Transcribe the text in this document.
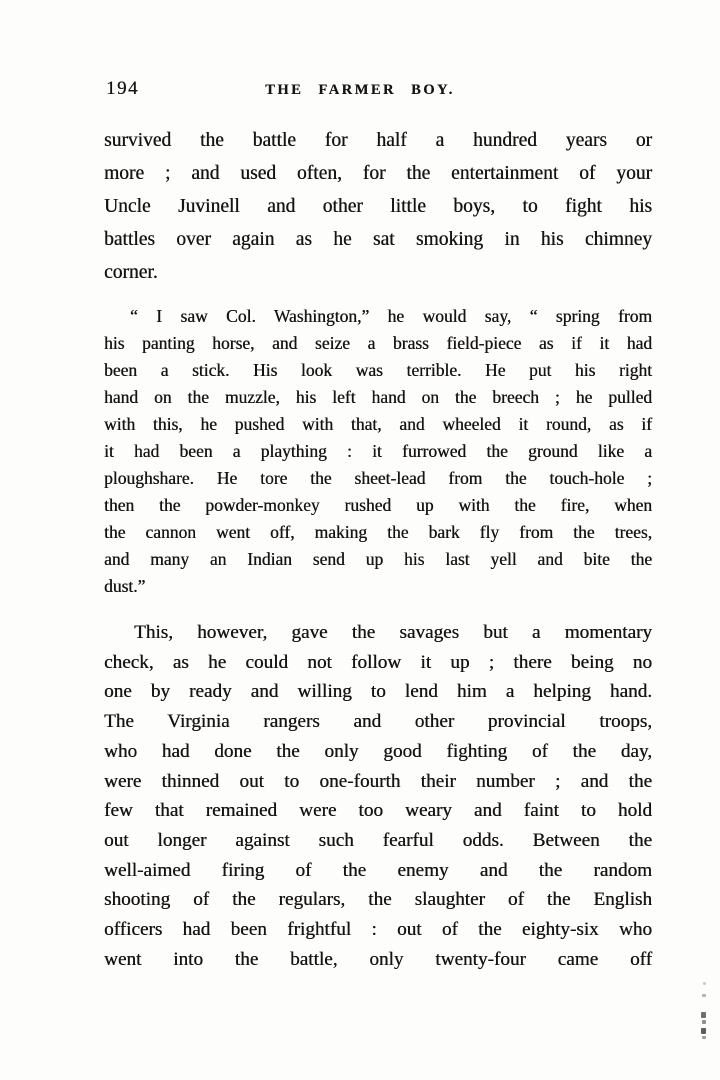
194	THE FARMER BOY.
survived the battle for half a hundred years or
more ; and used often, for the entertainment of your
Uncle Juvinell and other little boys, to fight his
battles over again as he sat smoking in his chimney
corner.
“ I saw Col. Washington,” he would say, “ spring from
his panting horse, and seize a brass field-piece as if it had
been a stick. His look was terrible. He put his right
hand on the muzzle, his left hand on the breech ; he pulled
with this, he pushed with that, and wheeled it round, as if
it had been a plaything : it furrowed the ground like a
ploughshare. He tore the sheet-lead from the touch-hole ;
then the powder-monkey rushed up with the fire, when
the cannon went off, making the bark fly from the trees,
and many an Indian send up his last yell and bite the
dust.”
This, however, gave the savages but a momentary
check, as he could not follow it up ; there being no
one by ready and willing to lend him a helping hand.
The Virginia rangers and other provincial troops,
who had done the only good fighting of the day,
were thinned out to one-fourth their number ; and the
few that remained were too weary and faint to hold
out longer against such fearful odds. Between the
well-aimed firing of the enemy and the random
shooting of the regulars, the slaughter of the English
officers had been frightful : out of the eighty-six who
went into the battle, only twenty-four came off
